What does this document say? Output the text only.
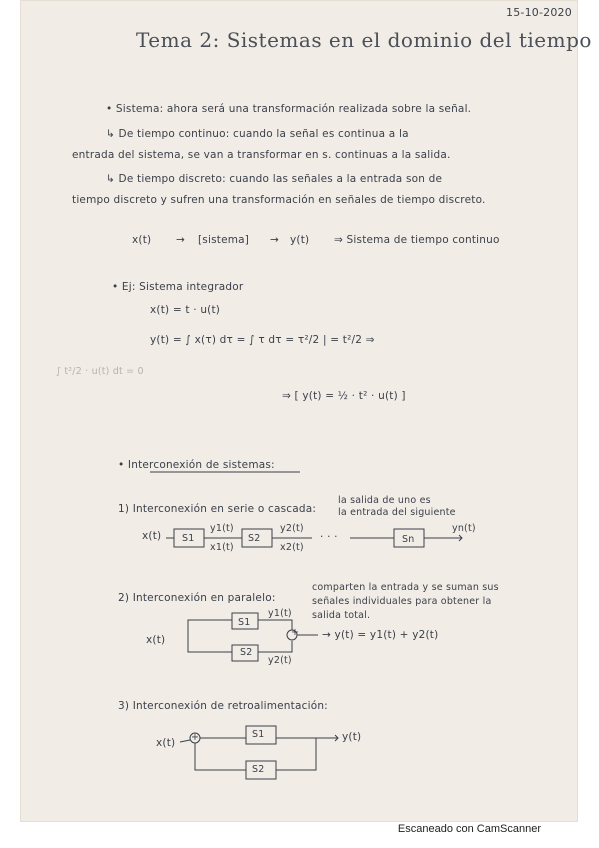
15-10-2020
Tema 2: Sistemas en el dominio del tiempo
• Sistema: ahora será una transformación realizada sobre la señal.
↳ De tiempo continuo: cuando la señal es continua a la
entrada del sistema, se van a transformar en s. continuas a la salida.
↳ De tiempo discreto: cuando las señales a la entrada son de
tiempo discreto y sufren una transformación en señales de tiempo discreto.
x(t) → [sistema] → y(t) ⇒ Sistema de tiempo continuo
• Ej: Sistema integrador
x(t) = t · u(t)
y(t) = ∫ x(τ) dτ = ∫ τ dτ = τ²/2 | = t²/2 ⇒
∫ t²/2 · u(t) dt = 0
⇒ [ y(t) = ½ · t² · u(t) ]
• Interconexión de sistemas:
1) Interconexión en serie o cascada:
la salida de uno es
la entrada del siguiente
x(t) S1
y1(t)
x1(t)
S2
y2(t)
x2(t)
· · ·	Sn
yn(t)
2) Interconexión en paralelo:
comparten la entrada y se suman sus
señales individuales para obtener la
salida total.
x(t)
S1
S2
y1(t)
y2(t)
+ → y(t) = y1(t) + y2(t)
3) Interconexión de retroalimentación:
x(t) +	S1
S2
y(t)
Escaneado con CamScanner
